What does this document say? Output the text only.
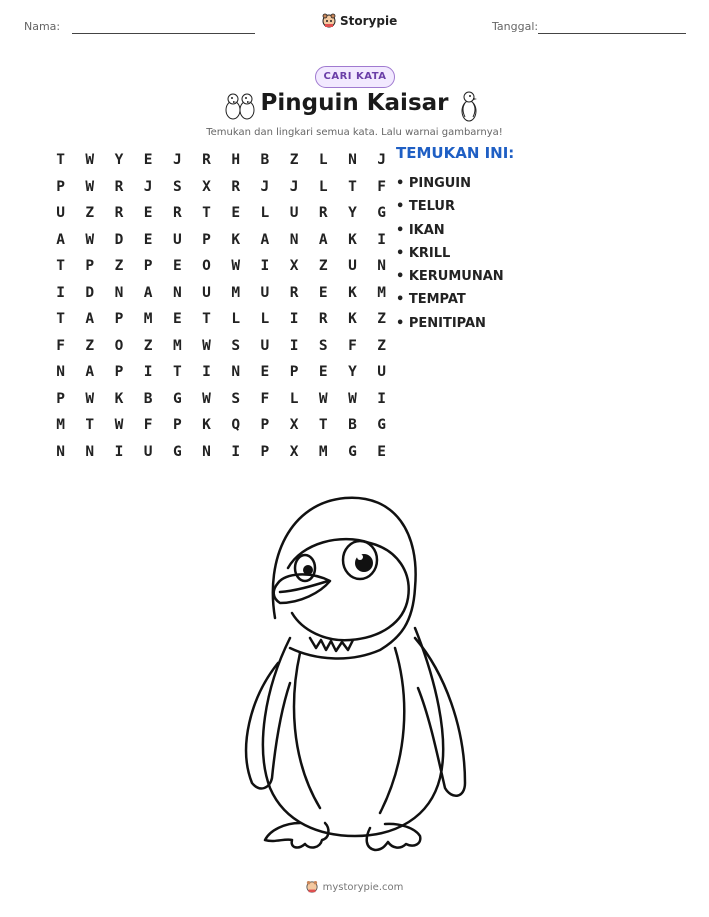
Nama:	Storypie	Tanggal:
CARI KATA
Pinguin Kaisar
Temukan dan lingkari semua kata. Lalu warnai gambarnya!
T	W	Y	E	J	R	H	B	Z	L	N	J
P	W	R	J	S	X	R	J	J	L	T	F
U	Z	R	E	R	T	E	L	U	R	Y	G
A	W	D	E	U	P	K	A	N	A	K	I
T	P	Z	P	E	O	W	I	X	Z	U	N
I	D	N	A	N	U	M	U	R	E	K	M
T	A	P	M	E	T	L	L	I	R	K	Z
F	Z	O	Z	M	W	S	U	I	S	F	Z
N	A	P	I	T	I	N	E	P	E	Y	U
P	W	K	B	G	W	S	F	L	W	W	I
M	T	W	F	P	K	Q	P	X	T	B	G
N	N	I	U	G	N	I	P	X	M	G	E
TEMUKAN INI:
• PINGUIN
• TELUR
• IKAN
• KRILL
• KERUMUNAN
• TEMPAT
• PENITIPAN
mystorypie.com
